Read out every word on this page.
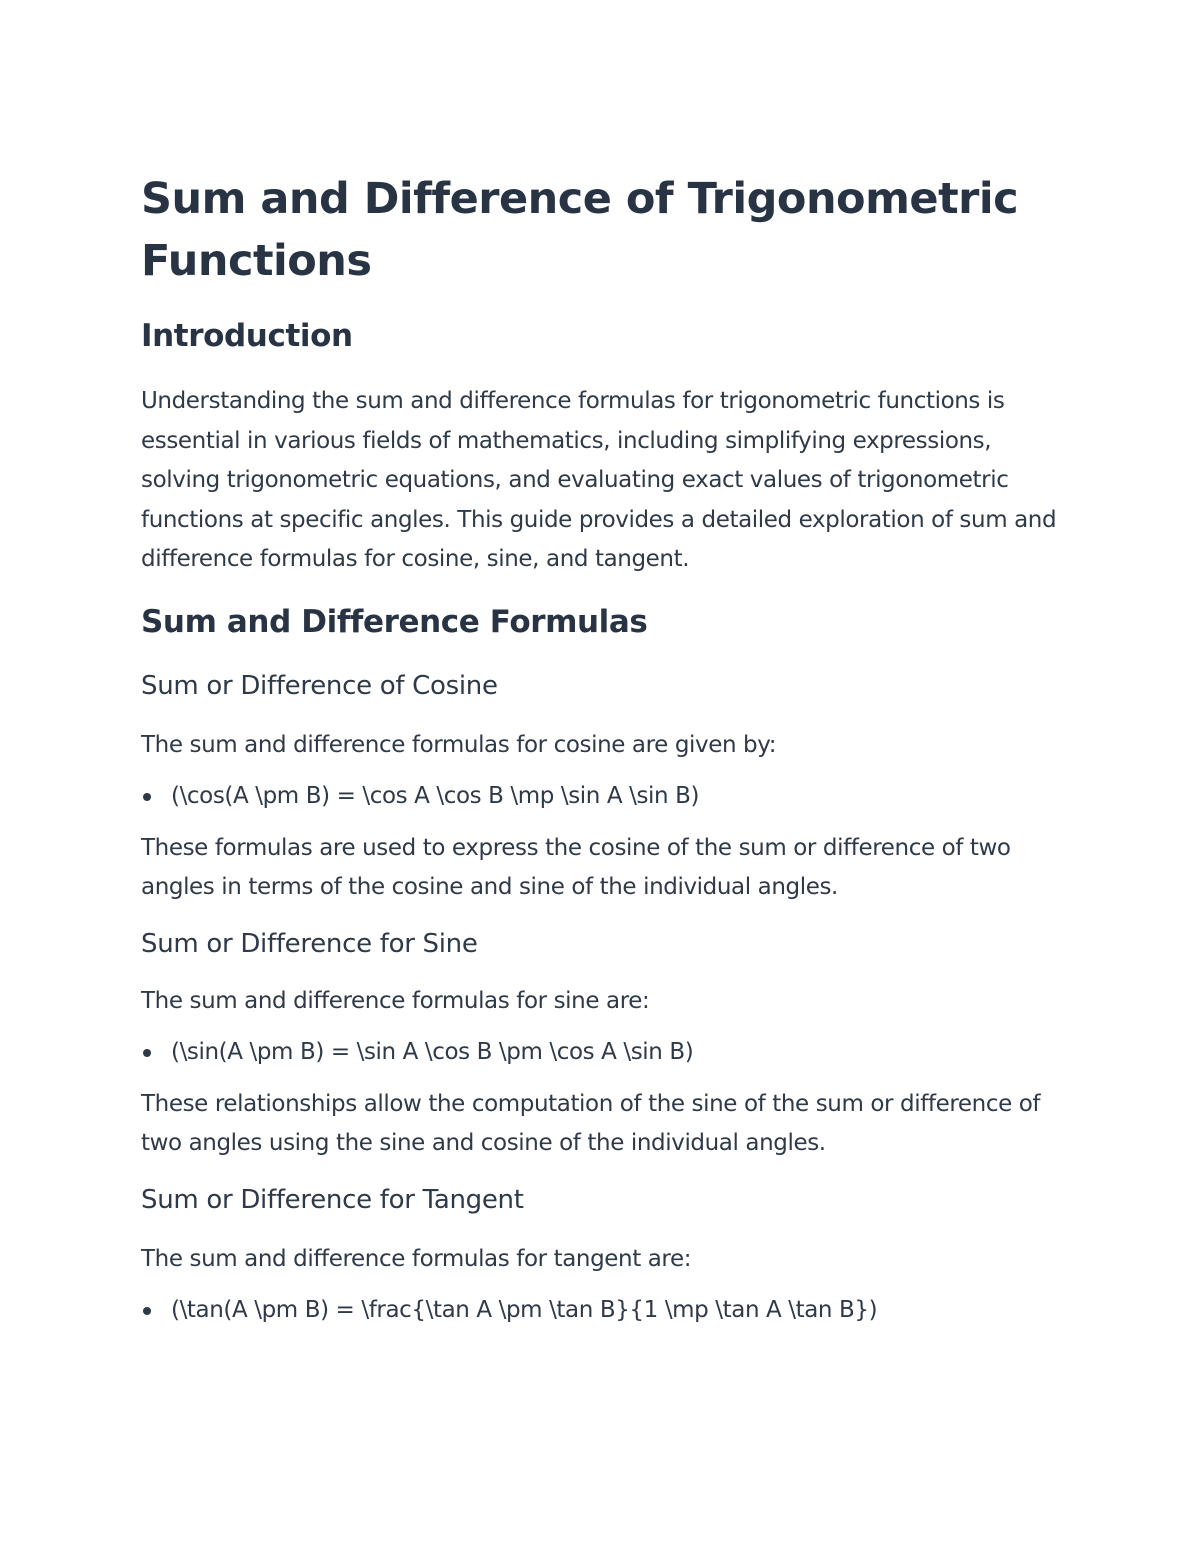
Sum and Difference of Trigonometric Functions
Introduction

Understanding the sum and difference formulas for trigonometric functions is essential in various fields of mathematics, including simplifying expressions, solving trigonometric equations, and evaluating exact values of trigonometric functions at specific angles. This guide provides a detailed exploration of sum and difference formulas for cosine, sine, and tangent.

Sum and Difference Formulas
Sum or Difference of Cosine

The sum and difference formulas for cosine are given by:

(\cos(A \pm B) = \cos A \cos B \mp \sin A \sin B)

These formulas are used to express the cosine of the sum or difference of two angles in terms of the cosine and sine of the individual angles.

Sum or Difference for Sine

The sum and difference formulas for sine are:

(\sin(A \pm B) = \sin A \cos B \pm \cos A \sin B)

These relationships allow the computation of the sine of the sum or difference of two angles using the sine and cosine of the individual angles.

Sum or Difference for Tangent

The sum and difference formulas for tangent are:

(\tan(A \pm B) = \frac{\tan A \pm \tan B}{1 \mp \tan A \tan B})
